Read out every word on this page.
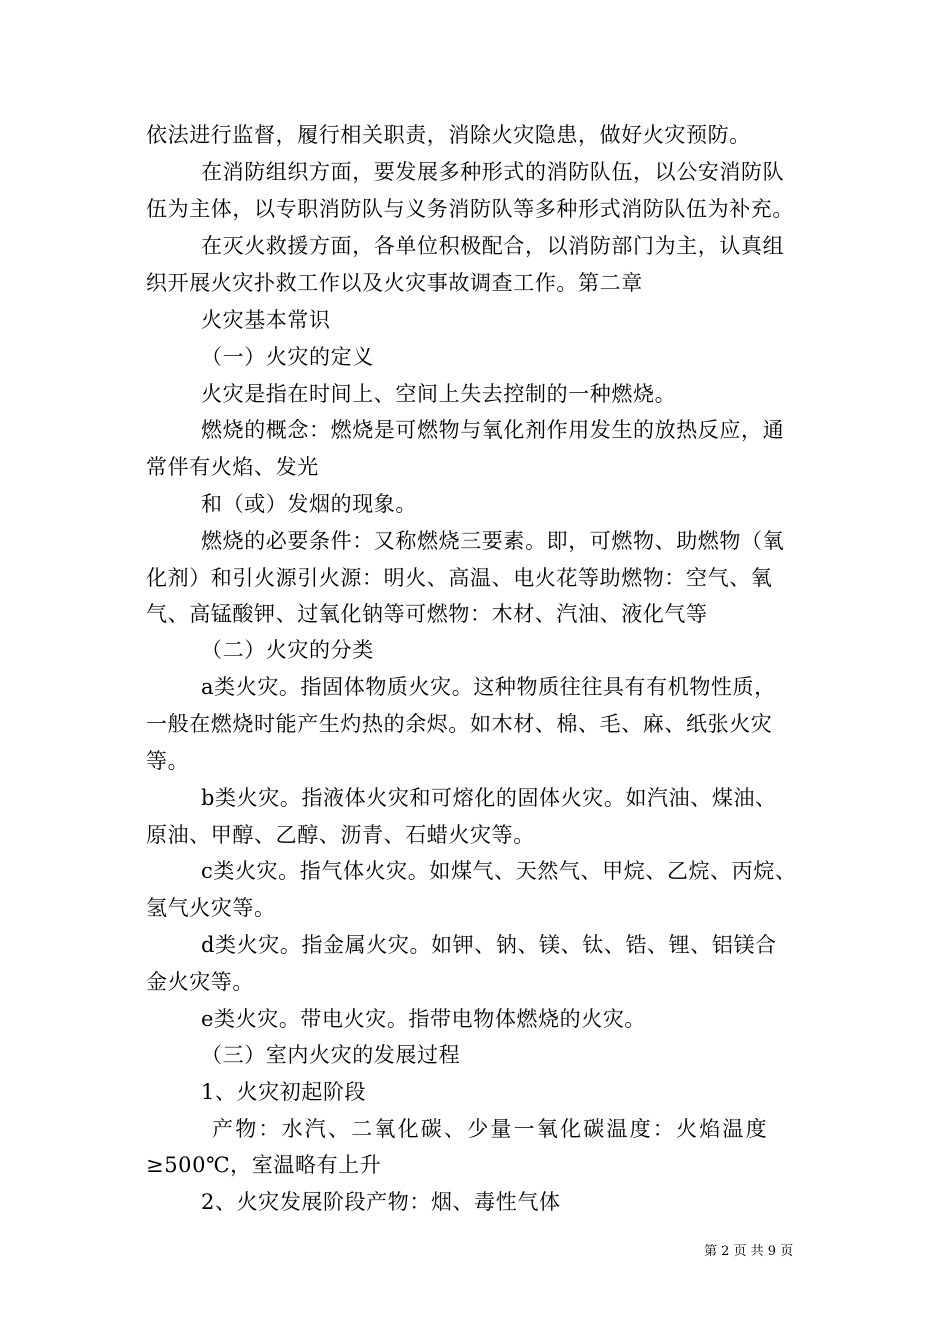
依法进行监督，履行相关职责，消除火灾隐患，做好火灾预防。
在消防组织方面，要发展多种形式的消防队伍，以公安消防队
伍为主体，以专职消防队与义务消防队等多种形式消防队伍为补充。
在灭火救援方面，各单位积极配合，以消防部门为主，认真组
织开展火灾扑救工作以及火灾事故调查工作。第二章
火灾基本常识
（一）火灾的定义
火灾是指在时间上、空间上失去控制的一种燃烧。
燃烧的概念：燃烧是可燃物与氧化剂作用发生的放热反应，通
常伴有火焰、发光
和（或）发烟的现象。
燃烧的必要条件：又称燃烧三要素。即，可燃物、助燃物（氧
化剂）和引火源引火源：明火、高温、电火花等助燃物：空气、氧
气、高锰酸钾、过氧化钠等可燃物：木材、汽油、液化气等
（二）火灾的分类
a类火灾。指固体物质火灾。这种物质往往具有有机物性质，
一般在燃烧时能产生灼热的余烬。如木材、棉、毛、麻、纸张火灾
等。
b类火灾。指液体火灾和可熔化的固体火灾。如汽油、煤油、
原油、甲醇、乙醇、沥青、石蜡火灾等。
c类火灾。指气体火灾。如煤气、天然气、甲烷、乙烷、丙烷、
氢气火灾等。
d类火灾。指金属火灾。如钾、钠、镁、钛、锆、锂、铝镁合
金火灾等。
e类火灾。带电火灾。指带电物体燃烧的火灾。
（三）室内火灾的发展过程
1、火灾初起阶段
产物：水汽、二氧化碳、少量一氧化碳温度：火焰温度
≥500℃，室温略有上升
2、火灾发展阶段产物：烟、毒性气体
第 2 页 共 9 页
